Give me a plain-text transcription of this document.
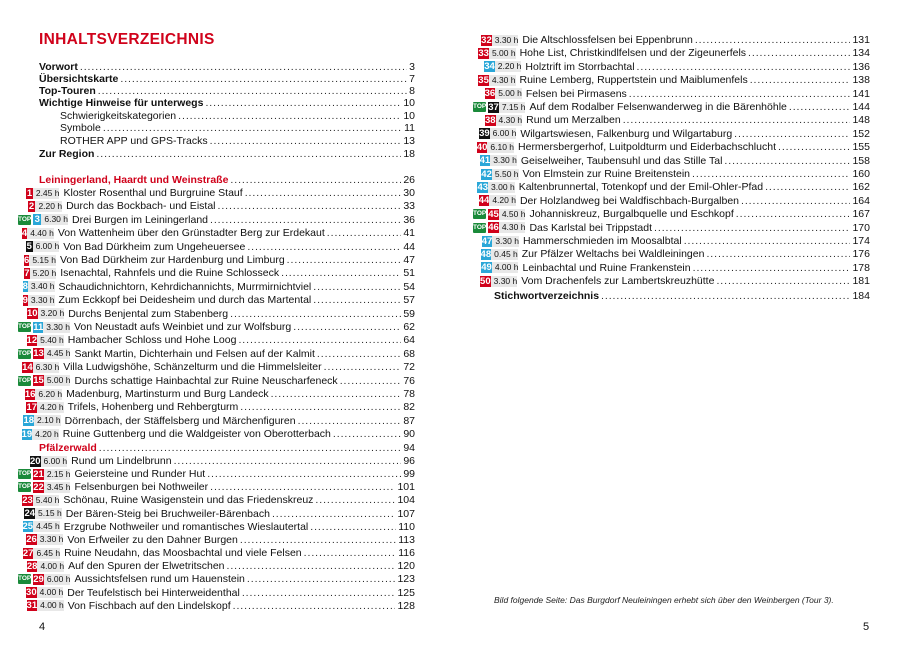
INHALTSVERZEICHNIS
Vorwort . . .	3
Übersichtskarte . . .	7
Top-Touren . . .	8
Wichtige Hinweise für unterwegs . . .	10
Schwierigkeitskategorien . . .	10
Symbole . . .	11
ROTHER APP und GPS-Tracks . . .	13
Zur Region . . .	18
Leiningerland, Haardt und Weinstraße . . .	26
1 2.45 h Kloster Rosenthal und Burgruine Stauf . . .	30
2 2.20 h Durch das Bockbach- und Eistal . . .	33
TOP 3 6.30 h Drei Burgen im Leiningerland . . .	36
4 4.40 h Von Wattenheim über den Grünstadter Berg zur Erdekaut . . .	41
5 6.00 h Von Bad Dürkheim zum Ungeheuersee . . .	44
6 5.15 h Von Bad Dürkheim zur Hardenburg und Limburg . . .	47
7 5.20 h Isenachtal, Rahnfels und die Ruine Schlosseck . . .	51
8 3.40 h Schaudichnichtorn, Kehrdichannichts, Murrmirnichtviel . . .	54
9 3.30 h Zum Eckkopf bei Deidesheim und durch das Martental . . .	57
10 3.20 h Durchs Benjental zum Stabenberg . . .	59
TOP 11 3.30 h Von Neustadt aufs Weinbiet und zur Wolfsburg . . .	62
12 5.40 h Hambacher Schloss und Hohe Loog . . .	64
TOP 13 4.45 h Sankt Martin, Dichterhain und Felsen auf der Kalmit . . .	68
14 6.30 h Villa Ludwigshöhe, Schänzelturm und die Himmelsleiter . . .	72
TOP 15 5.00 h Durchs schattige Hainbachtal zur Ruine Neuscharfeneck . . .	76
16 6.20 h Madenburg, Martinsturm und Burg Landeck . . .	78
17 4.20 h Trifels, Hohenberg und Rehbergturm . . .	82
18 2.10 h Dörrenbach, der Stäffelsberg und Märchenfiguren . . .	87
19 4.20 h Ruine Guttenberg und die Waldgeister von Oberotterbach . . .	90
Pfälzerwald . . .	94
20 6.00 h Rund um Lindelbrunn . . .	96
TOP 21 2.15 h Geiersteine und Runder Hut . . .	99
TOP 22 3.45 h Felsenburgen bei Nothweiler . . .	101
23 5.40 h Schönau, Ruine Wasigenstein und das Friedenskreuz . . .	104
24 5.15 h Der Bären-Steig bei Bruchweiler-Bärenbach . . .	107
25 4.45 h Erzgrube Nothweiler und romantisches Wieslautertal . . .	110
26 3.30 h Von Erfweiler zu den Dahner Burgen . . .	113
27 6.45 h Ruine Neudahn, das Moosbachtal und viele Felsen . . .	116
28 4.00 h Auf den Spuren der Elwetritschen . . .	120
TOP 29 6.00 h Aussichtsfelsen rund um Hauenstein . . .	123
30 4.00 h Der Teufelstisch bei Hinterweidenthal . . .	125
31 4.00 h Von Fischbach auf den Lindelskopf . . .	128
4
32 3.30 h Die Altschlossfelsen bei Eppenbrunn . . .	131
33 5.00 h Hohe List, Christkindlfelsen und der Zigeunerfels . . .	134
34 2.20 h Holztrift im Storrbachtal . . .	136
35 4.30 h Ruine Lemberg, Ruppertstein und Maiblumenfels . . .	138
36 5.00 h Felsen bei Pirmasens . . .	141
TOP 37 7.15 h Auf dem Rodalber Felsenwanderweg in die Bärenhöhle . . .	144
38 4.30 h Rund um Merzalben . . .	148
39 6.00 h Wilgartswiesen, Falkenburg und Wilgartaburg . . .	152
40 6.10 h Hermersbergerhof, Luitpoldturm und Eiderbachschlucht . . .	155
41 3.30 h Geiselweiher, Taubensuhl und das Stille Tal . . .	158
42 5.50 h Von Elmstein zur Ruine Breitenstein . . .	160
43 3.00 h Kaltenbrunnertal, Totenkopf und der Emil-Ohler-Pfad . . .	162
44 4.20 h Der Holzlandweg bei Waldfischbach-Burgalben . . .	164
TOP 45 4.50 h Johanniskreuz, Burgalbquelle und Eschkopf . . .	167
TOP 46 4.30 h Das Karlstal bei Trippstadt . . .	170
47 3.30 h Hammerschmieden im Moosalbtal . . .	174
48 0.45 h Zur Pfälzer Weltachs bei Waldleiningen . . .	176
49 4.00 h Leinbachtal und Ruine Frankenstein . . .	178
50 3.30 h Vom Drachenfels zur Lambertskreuzhütte . . .	181
Stichwortverzeichnis . . .	184
Bild folgende Seite: Das Burgdorf Neuleiningen erhebt sich über den Weinbergen (Tour 3).
5
